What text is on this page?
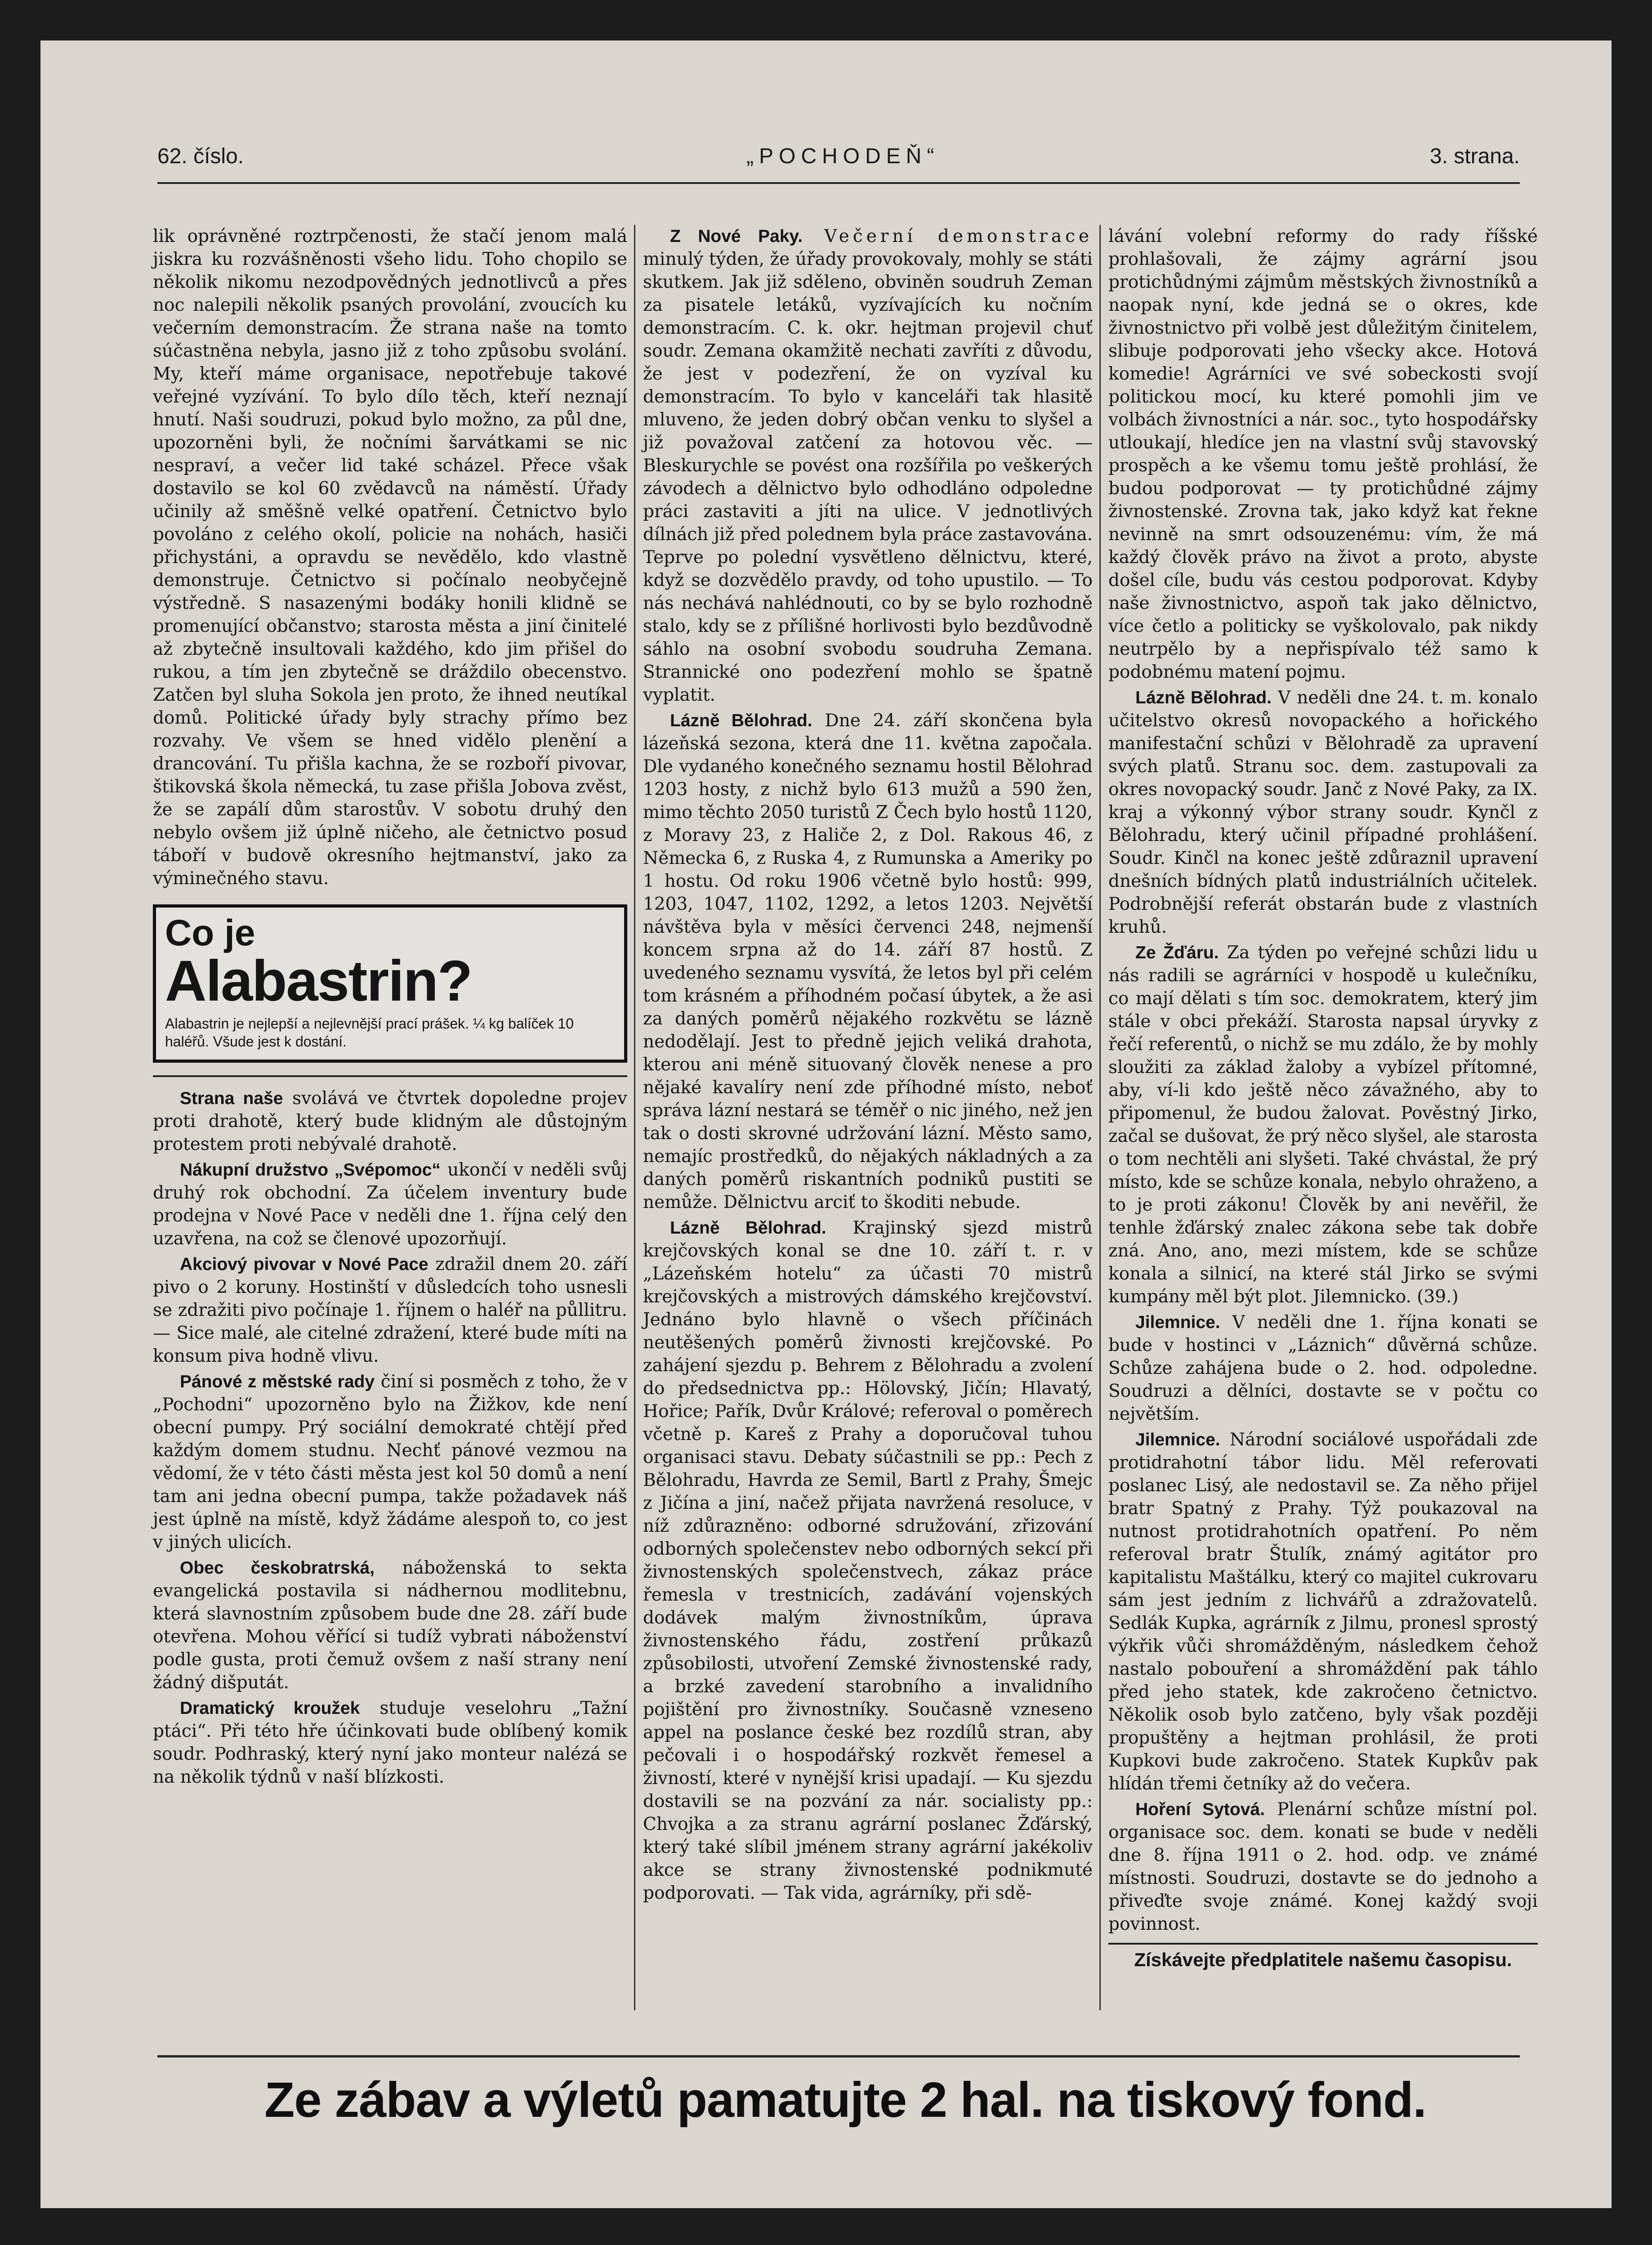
62. číslo.	„POCHODEŇ“	3. strana.

lik oprávněné roztrpčenosti, že stačí jenom malá jiskra ku rozvášněnosti všeho lidu. Toho chopilo se několik nikomu nezodpovědných jednotlivců a přes noc nalepili několik psaných provolání, zvoucích ku večerním demonstracím. Že strana naše na tomto súčastněna nebyla, jasno již z toho způsobu svolání. My, kteří máme organisace, nepotřebuje takové veřejné vyzívání. To bylo dílo těch, kteří neznají hnutí. Naši soudruzi, pokud bylo možno, za půl dne, upozorněni byli, že nočními šarvátkami se nic nespraví, a večer lid také scházel. Přece však dostavilo se kol 60 zvědavců na náměstí. Úřady učinily až směšně velké opatření. Četnictvo bylo povoláno z celého okolí, policie na nohách, hasiči přichystáni, a opravdu se nevědělo, kdo vlastně demonstruje. Četnictvo si počínalo neobyčejně výstředně. S nasazenými bodáky honili klidně se promenující občanstvo; starosta města a jiní činitelé až zbytečně insultovali každého, kdo jim přišel do rukou, a tím jen zbytečně se dráždilo obecenstvo. Zatčen byl sluha Sokola jen proto, že ihned neutíkal domů. Politické úřady byly strachy přímo bez rozvahy. Ve všem se hned vidělo plenění a drancování. Tu přišla kachna, že se rozboří pivovar, štikovská škola německá, tu zase přišla Jobova zvěst, že se zapálí dům starostův. V sobotu druhý den nebylo ovšem již úplně ničeho, ale četnictvo posud táboří v budově okresního hejtmanství, jako za výminečného stavu.

Co je
Alabastrin?
Alabastrin je nejlepší a nejlevnější prací prášek. ¼ kg balíček 10 haléřů. Všude jest k dostání.

Strana naše svolává ve čtvrtek dopoledne projev proti drahotě, který bude klidným ale důstojným protestem proti nebývalé drahotě.

Nákupní družstvo „Svépomoc“ ukončí v neděli svůj druhý rok obchodní. Za účelem inventury bude prodejna v Nové Pace v neděli dne 1. října celý den uzavřena, na což se členové upozorňují.

Akciový pivovar v Nové Pace zdražil dnem 20. září pivo o 2 koruny. Hostinští v důsledcích toho usnesli se zdražiti pivo počínaje 1. říjnem o haléř na půllitru. — Sice malé, ale citelné zdražení, které bude míti na konsum piva hodně vlivu.

Pánové z městské rady činí si posměch z toho, že v „Pochodni“ upozorněno bylo na Žižkov, kde není obecní pumpy. Prý sociální demokraté chtějí před každým domem studnu. Nechť pánové vezmou na vědomí, že v této části města jest kol 50 domů a není tam ani jedna obecní pumpa, takže požadavek náš jest úplně na místě, když žádáme alespoň to, co jest v jiných ulicích.

Obec českobratrská, náboženská to sekta evangelická postavila si nádhernou modlitebnu, která slavnostním způsobem bude dne 28. září bude otevřena. Mohou věřící si tudíž vybrati náboženství podle gusta, proti čemuž ovšem z naší strany není žádný dišputát.

Dramatický kroužek studuje veselohru „Tažní ptáci“. Při této hře účinkovati bude oblíbený komik soudr. Podhraský, který nyní jako monteur nalézá se na několik týdnů v naší blízkosti.

Z Nové Paky. Večerní demonstrace minulý týden, že úřady provokovaly, mohly se státi skutkem. Jak již sděleno, obviněn soudruh Zeman za pisatele letáků, vyzívajících ku nočním demonstracím. C. k. okr. hejtman projevil chuť soudr. Zemana okamžitě nechati zavříti z důvodu, že jest v podezření, že on vyzíval ku demonstracím. To bylo v kanceláři tak hlasitě mluveno, že jeden dobrý občan venku to slyšel a již považoval zatčení za hotovou věc. — Bleskurychle se povést ona rozšířila po veškerých závodech a dělnictvo bylo odhodláno odpoledne práci zastaviti a jíti na ulice. V jednotlivých dílnách již před polednem byla práce zastavována. Teprve po polední vysvětleno dělnictvu, které, když se dozvědělo pravdy, od toho upustilo. — To nás nechává nahlédnouti, co by se bylo rozhodně stalo, kdy se z přílišné horlivosti bylo bezdůvodně sáhlo na osobní svobodu soudruha Zemana. Strannické ono podezření mohlo se špatně vyplatit.

Lázně Bělohrad. Dne 24. září skončena byla lázeňská sezona, která dne 11. května započala. Dle vydaného konečného seznamu hostil Bělohrad 1203 hosty, z nichž bylo 613 mužů a 590 žen, mimo těchto 2050 turistů Z Čech bylo hostů 1120, z Moravy 23, z Haliče 2, z Dol. Rakous 46, z Německa 6, z Ruska 4, z Rumunska a Ameriky po 1 hostu. Od roku 1906 včetně bylo hostů: 999, 1203, 1047, 1102, 1292, a letos 1203. Největší návštěva byla v měsíci červenci 248, nejmenší koncem srpna až do 14. září 87 hostů. Z uvedeného seznamu vysvítá, že letos byl při celém tom krásném a příhodném počasí úbytek, a že asi za daných poměrů nějakého rozkvětu se lázně nedodělají. Jest to předně jejich veliká drahota, kterou ani méně situovaný člověk nenese a pro nějaké kavalíry není zde příhodné místo, neboť správa lázní nestará se téměř o nic jiného, než jen tak o dosti skrovné udržování lázní. Město samo, nemajíc prostředků, do nějakých nákladných a za daných poměrů riskantních podniků pustiti se nemůže. Dělnictvu arciť to škoditi nebude.

Lázně Bělohrad. Krajinský sjezd mistrů krejčovských konal se dne 10. září t. r. v „Lázeňském hotelu“ za účasti 70 mistrů krejčovských a mistrových dámského krejčovství. Jednáno bylo hlavně o všech příčinách neutěšených poměrů živnosti krejčovské. Po zahájení sjezdu p. Behrem z Bělohradu a zvolení do předsednictva pp.: Hölovský, Jičín; Hlavatý, Hořice; Pařík, Dvůr Králové; referoval o poměrech včetně p. Kareš z Prahy a doporučoval tuhou organisaci stavu. Debaty súčastnili se pp.: Pech z Bělohradu, Havrda ze Semil, Bartl z Prahy, Šmejc z Jičína a jiní, načež přijata navržená resoluce, v níž zdůrazněno: odborné sdružování, zřizování odborných společenstev nebo odborných sekcí při živnostenských společenstvech, zákaz práce řemesla v trestnicích, zadávání vojenských dodávek malým živnostníkům, úprava živnostenského řádu, zostření průkazů způsobilosti, utvoření Zemské živnostenské rady, a brzké zavedení starobního a invalidního pojištění pro živnostníky. Současně vzneseno appel na poslance české bez rozdílů stran, aby pečovali i o hospodářský rozkvět řemesel a živností, které v nynější krisi upadají. — Ku sjezdu dostavili se na pozvání za nár. socialisty pp.: Chvojka a za stranu agrární poslanec Žďárský, který také slíbil jménem strany agrární jakékoliv akce se strany živnostenské podnikmuté podporovati. — Tak vida, agrárníky, při sdě-

lávání volební reformy do rady říšské prohlašovali, že zájmy agrární jsou protichůdnými zájmům městských živnostníků a naopak nyní, kde jedná se o okres, kde živnostnictvo při volbě jest důležitým činitelem, slibuje podporovati jeho všecky akce. Hotová komedie! Agrárníci ve své sobeckosti svojí politickou mocí, ku které pomohli jim ve volbách živnostníci a nár. soc., tyto hospodářsky utloukají, hledíce jen na vlastní svůj stavovský prospěch a ke všemu tomu ještě prohlásí, že budou podporovat — ty protichůdné zájmy živnostenské. Zrovna tak, jako když kat řekne nevinně na smrt odsouzenému: vím, že má každý člověk právo na život a proto, abyste došel cíle, budu vás cestou podporovat. Kdyby naše živnostnictvo, aspoň tak jako dělnictvo, více četlo a politicky se vyškolovalo, pak nikdy neutrpělo by a nepřispívalo též samo k podobnému matení pojmu.

Lázně Bělohrad. V neděli dne 24. t. m. konalo učitelstvo okresů novopackého a hořického manifestační schůzi v Bělohradě za upravení svých platů. Stranu soc. dem. zastupovali za okres novopacký soudr. Janč z Nové Paky, za IX. kraj a výkonný výbor strany soudr. Kynčl z Bělohradu, který učinil případné prohlášení. Soudr. Kinčl na konec ještě zdůraznil upravení dnešních bídných platů industriálních učitelek. Podrobnější referát obstarán bude z vlastních kruhů.

Ze Žďáru. Za týden po veřejné schůzi lidu u nás radili se agrárníci v hospodě u kulečníku, co mají dělati s tím soc. demokratem, který jim stále v obci překáží. Starosta napsal úryvky z řečí referentů, o nichž se mu zdálo, že by mohly sloužiti za základ žaloby a vybízel přítomné, aby, ví-li kdo ještě něco závažného, aby to připomenul, že budou žalovat. Pověstný Jirko, začal se dušovat, že prý něco slyšel, ale starosta o tom nechtěli ani slyšeti. Také chvástal, že prý místo, kde se schůze konala, nebylo ohraženo, a to je proti zákonu! Člověk by ani nevěřil, že tenhle žďárský znalec zákona sebe tak dobře zná. Ano, ano, mezi místem, kde se schůze konala a silnicí, na které stál Jirko se svými kumpány měl být plot. Jilemnicko. (39.)

Jilemnice. V neděli dne 1. října konati se bude v hostinci v „Láznich“ důvěrná schůze. Schůze zahájena bude o 2. hod. odpoledne. Soudruzi a dělníci, dostavte se v počtu co největším.

Jilemnice. Národní sociálové uspořádali zde protidrahotní tábor lidu. Měl referovati poslanec Lisý, ale nedostavil se. Za něho přijel bratr Spatný z Prahy. Týž poukazoval na nutnost protidrahotních opatření. Po něm referoval bratr Štulík, známý agitátor pro kapitalistu Maštálku, který co majitel cukrovaru sám jest jedním z lichvářů a zdražovatelů. Sedlák Kupka, agrárník z Jilmu, pronesl sprostý výkřik vůči shromážděným, následkem čehož nastalo pobouření a shromáždění pak táhlo před jeho statek, kde zakročeno četnictvo. Několik osob bylo zatčeno, byly však později propuštěny a hejtman prohlásil, že proti Kupkovi bude zakročeno. Statek Kupkův pak hlídán třemi četníky až do večera.

Hoření Sytová. Plenární schůze místní pol. organisace soc. dem. konati se bude v neděli dne 8. října 1911 o 2. hod. odp. ve známé místnosti. Soudruzi, dostavte se do jednoho a přiveďte svoje známé. Konej každý svoji povinnost.

Získávejte předplatitele našemu časopisu.
Ze zábav a výletů pamatujte 2 hal. na tiskový fond.
